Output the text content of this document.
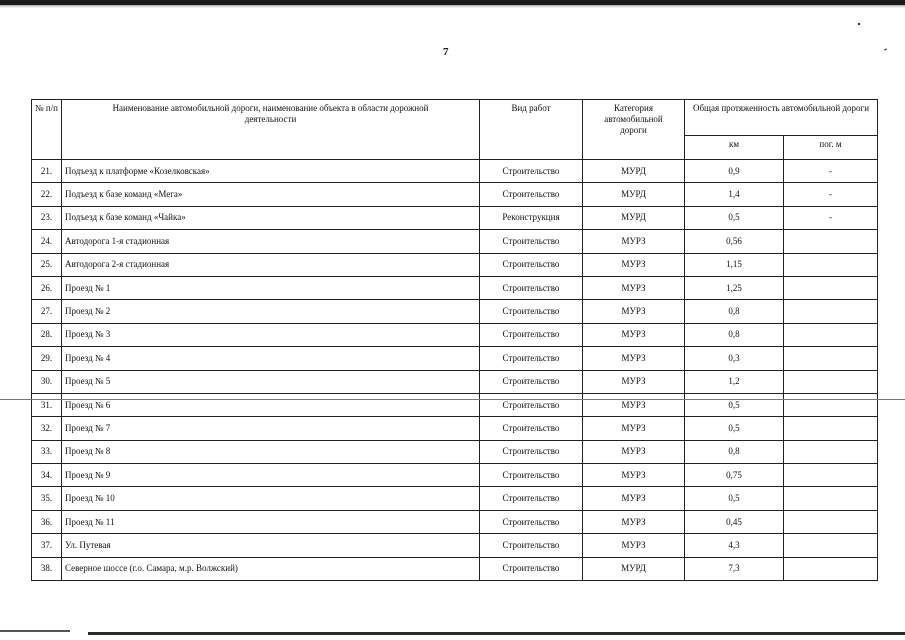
7
№ п/п	Наименование автомобильной дороги, наименование объекта в области дорожной деятельности	Вид работ	Категория автомобильной дороги	Общая протяженность автомобильной дороги	
				км	пог. м
21.	Подъезд к платформе «Козелковская»	Строительство	МУРД	0,9	-
22.	Подъезд к базе команд «Мега»	Строительство	МУРД	1,4	-
23.	Подъезд к базе команд «Чайка»	Реконструкция	МУРД	0,5	-
24.	Автодорога 1-я стадионная	Строительство	МУРЗ	0,56	
25.	Автодорога 2-я стадионная	Строительство	МУРЗ	1,15	
26.	Проезд № 1	Строительство	МУРЗ	1,25	
27.	Проезд № 2	Строительство	МУРЗ	0,8	
28.	Проезд № 3	Строительство	МУРЗ	0,8	
29.	Проезд № 4	Строительство	МУРЗ	0,3	
30.	Проезд № 5	Строительство	МУРЗ	1,2	
31.	Проезд № 6	Строительство	МУРЗ	0,5	
32.	Проезд № 7	Строительство	МУРЗ	0,5	
33.	Проезд № 8	Строительство	МУРЗ	0,8	
34.	Проезд № 9	Строительство	МУРЗ	0,75	
35.	Проезд № 10	Строительство	МУРЗ	0,5	
36.	Проезд № 11	Строительство	МУРЗ	0,45	
37.	Ул. Путевая	Строительство	МУРЗ	4,3	
38.	Северное шоссе (г.о. Самара, м.р. Волжский)	Строительство	МУРД	7,3	
